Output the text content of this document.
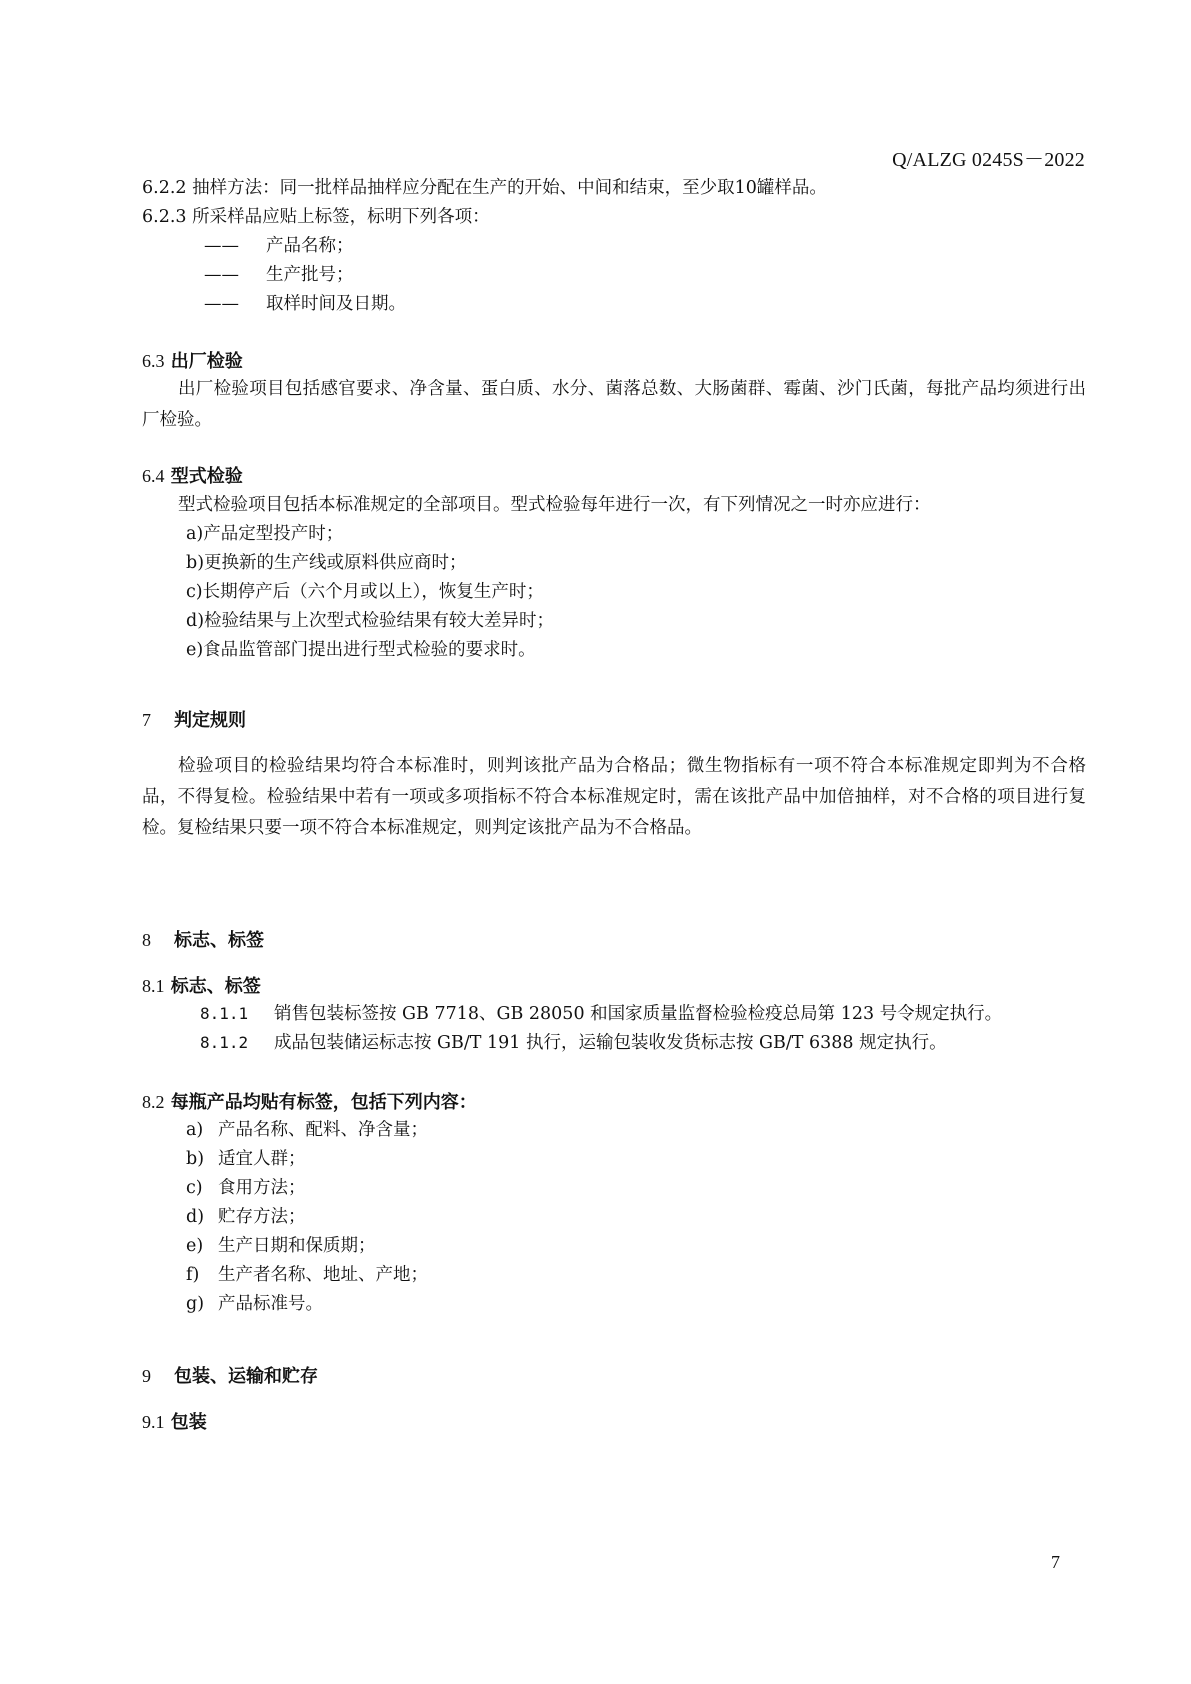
Q/ALZG 0245S－2022
6.2.2 抽样方法：同一批样品抽样应分配在生产的开始、中间和结束，至少取10罐样品。
6.2.3 所采样品应贴上标签，标明下列各项：
—— 产品名称；
—— 生产批号；
—— 取样时间及日期。
6.3 出厂检验
出厂检验项目包括感官要求、净含量、蛋白质、水分、菌落总数、大肠菌群、霉菌、沙门氏菌，每批产品均须进行出厂检验。
6.4 型式检验
型式检验项目包括本标准规定的全部项目。型式检验每年进行一次，有下列情况之一时亦应进行：
a)产品定型投产时；
b)更换新的生产线或原料供应商时；
c)长期停产后（六个月或以上），恢复生产时；
d)检验结果与上次型式检验结果有较大差异时；
e)食品监管部门提出进行型式检验的要求时。
7 判定规则
检验项目的检验结果均符合本标准时，则判该批产品为合格品；微生物指标有一项不符合本标准规定即判为不合格品，不得复检。检验结果中若有一项或多项指标不符合本标准规定时，需在该批产品中加倍抽样，对不合格的项目进行复检。复检结果只要一项不符合本标准规定，则判定该批产品为不合格品。
8 标志、标签
8.1 标志、标签
8.1.1 销售包装标签按 GB 7718、GB 28050 和国家质量监督检验检疫总局第 123 号令规定执行。
8.1.2 成品包装储运标志按 GB/T 191 执行，运输包装收发货标志按 GB/T 6388 规定执行。
8.2 每瓶产品均贴有标签，包括下列内容：
a) 产品名称、配料、净含量；
b) 适宜人群；
c) 食用方法；
d) 贮存方法；
e) 生产日期和保质期；
f) 生产者名称、地址、产地；
g) 产品标准号。
9 包装、运输和贮存
9.1 包装
7
